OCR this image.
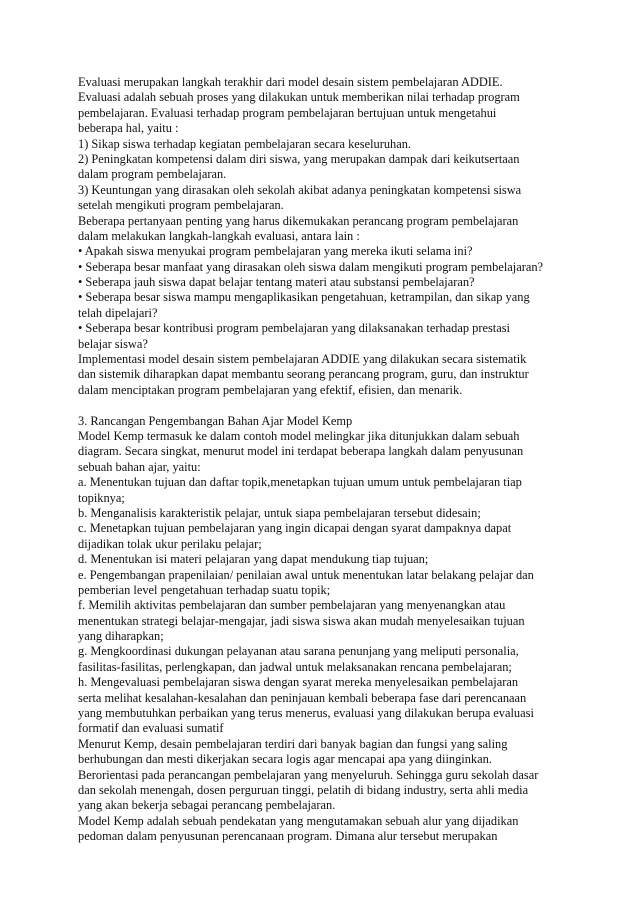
Evaluasi merupakan langkah terakhir dari model desain sistem pembelajaran ADDIE.
Evaluasi adalah sebuah proses yang dilakukan untuk memberikan nilai terhadap program
pembelajaran. Evaluasi terhadap program pembelajaran bertujuan untuk mengetahui
beberapa hal, yaitu :
1) Sikap siswa terhadap kegiatan pembelajaran secara keseluruhan.
2) Peningkatan kompetensi dalam diri siswa, yang merupakan dampak dari keikutsertaan
dalam program pembelajaran.
3) Keuntungan yang dirasakan oleh sekolah akibat adanya peningkatan kompetensi siswa
setelah mengikuti program pembelajaran.
Beberapa pertanyaan penting yang harus dikemukakan perancang program pembelajaran
dalam melakukan langkah-langkah evaluasi, antara lain :
• Apakah siswa menyukai program pembelajaran yang mereka ikuti selama ini?
• Seberapa besar manfaat yang dirasakan oleh siswa dalam mengikuti program pembelajaran?
• Seberapa jauh siswa dapat belajar tentang materi atau substansi pembelajaran?
• Seberapa besar siswa mampu mengaplikasikan pengetahuan, ketrampilan, dan sikap yang
telah dipelajari?
• Seberapa besar kontribusi program pembelajaran yang dilaksanakan terhadap prestasi
belajar siswa?
Implementasi model desain sistem pembelajaran ADDIE yang dilakukan secara sistematik
dan sistemik diharapkan dapat membantu seorang perancang program, guru, dan instruktur
dalam menciptakan program pembelajaran yang efektif, efisien, dan menarik.
3. Rancangan Pengembangan Bahan Ajar Model Kemp
Model Kemp termasuk ke dalam contoh model melingkar jika ditunjukkan dalam sebuah
diagram. Secara singkat, menurut model ini terdapat beberapa langkah dalam penyusunan
sebuah bahan ajar, yaitu:
a. Menentukan tujuan dan daftar topik,menetapkan tujuan umum untuk pembelajaran tiap
topiknya;
b. Menganalisis karakteristik pelajar, untuk siapa pembelajaran tersebut didesain;
c. Menetapkan tujuan pembelajaran yang ingin dicapai dengan syarat dampaknya dapat
dijadikan tolak ukur perilaku pelajar;
d. Menentukan isi materi pelajaran yang dapat mendukung tiap tujuan;
e. Pengembangan prapenilaian/ penilaian awal untuk menentukan latar belakang pelajar dan
pemberian level pengetahuan terhadap suatu topik;
f. Memilih aktivitas pembelajaran dan sumber pembelajaran yang menyenangkan atau
menentukan strategi belajar-mengajar, jadi siswa siswa akan mudah menyelesaikan tujuan
yang diharapkan;
g. Mengkoordinasi dukungan pelayanan atau sarana penunjang yang meliputi personalia,
fasilitas-fasilitas, perlengkapan, dan jadwal untuk melaksanakan rencana pembelajaran;
h. Mengevaluasi pembelajaran siswa dengan syarat mereka menyelesaikan pembelajaran
serta melihat kesalahan-kesalahan dan peninjauan kembali beberapa fase dari perencanaan
yang membutuhkan perbaikan yang terus menerus, evaluasi yang dilakukan berupa evaluasi
formatif dan evaluasi sumatif
Menurut Kemp, desain pembelajaran terdiri dari banyak bagian dan fungsi yang saling
berhubungan dan mesti dikerjakan secara logis agar mencapai apa yang diinginkan.
Berorientasi pada perancangan pembelajaran yang menyeluruh. Sehingga guru sekolah dasar
dan sekolah menengah, dosen perguruan tinggi, pelatih di bidang industry, serta ahli media
yang akan bekerja sebagai perancang pembelajaran.
Model Kemp adalah sebuah pendekatan yang mengutamakan sebuah alur yang dijadikan
pedoman dalam penyusunan perencanaan program. Dimana alur tersebut merupakan
